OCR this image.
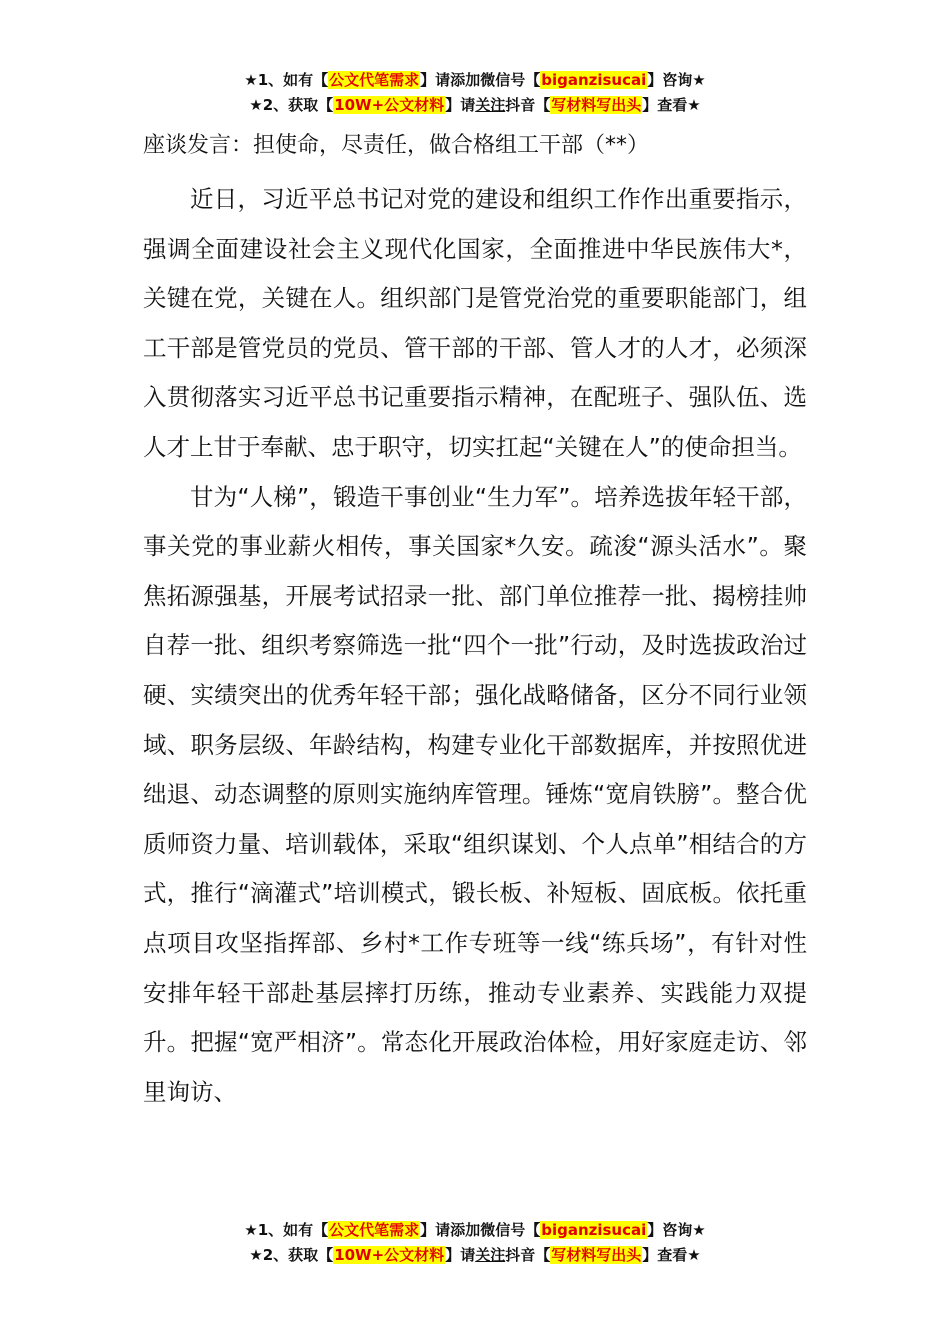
★1、如有【公文代笔需求】请添加微信号【biganzisucai】咨询★
★2、获取【10W+公文材料】请关注抖音【写材料写出头】查看★
座谈发言：担使命，尽责任，做合格组工干部（**）

近日，习近平总书记对党的建设和组织工作作出重要指示，强调全面建设社会主义现代化国家，全面推进中华民族伟大*，关键在党，关键在人。组织部门是管党治党的重要职能部门，组工干部是管党员的党员、管干部的干部、管人才的人才，必须深入贯彻落实习近平总书记重要指示精神，在配班子、强队伍、选人才上甘于奉献、忠于职守，切实扛起“关键在人”的使命担当。

甘为“人梯”，锻造干事创业“生力军”。培养选拔年轻干部，事关党的事业薪火相传，事关国家*久安。疏浚“源头活水”。聚焦拓源强基，开展考试招录一批、部门单位推荐一批、揭榜挂帅自荐一批、组织考察筛选一批“四个一批”行动，及时选拔政治过硬、实绩突出的优秀年轻干部；强化战略储备，区分不同行业领域、职务层级、年龄结构，构建专业化干部数据库，并按照优进绌退、动态调整的原则实施纳库管理。锤炼“宽肩铁膀”。整合优质师资力量、培训载体，采取“组织谋划、个人点单”相结合的方式，推行“滴灌式”培训模式，锻长板、补短板、固底板。依托重点项目攻坚指挥部、乡村*工作专班等一线“练兵场”，有针对性安排年轻干部赴基层摔打历练，推动专业素养、实践能力双提升。把握“宽严相济”。常态化开展政治体检，用好家庭走访、邻里询访、

★1、如有【公文代笔需求】请添加微信号【biganzisucai】咨询★
★2、获取【10W+公文材料】请关注抖音【写材料写出头】查看★
